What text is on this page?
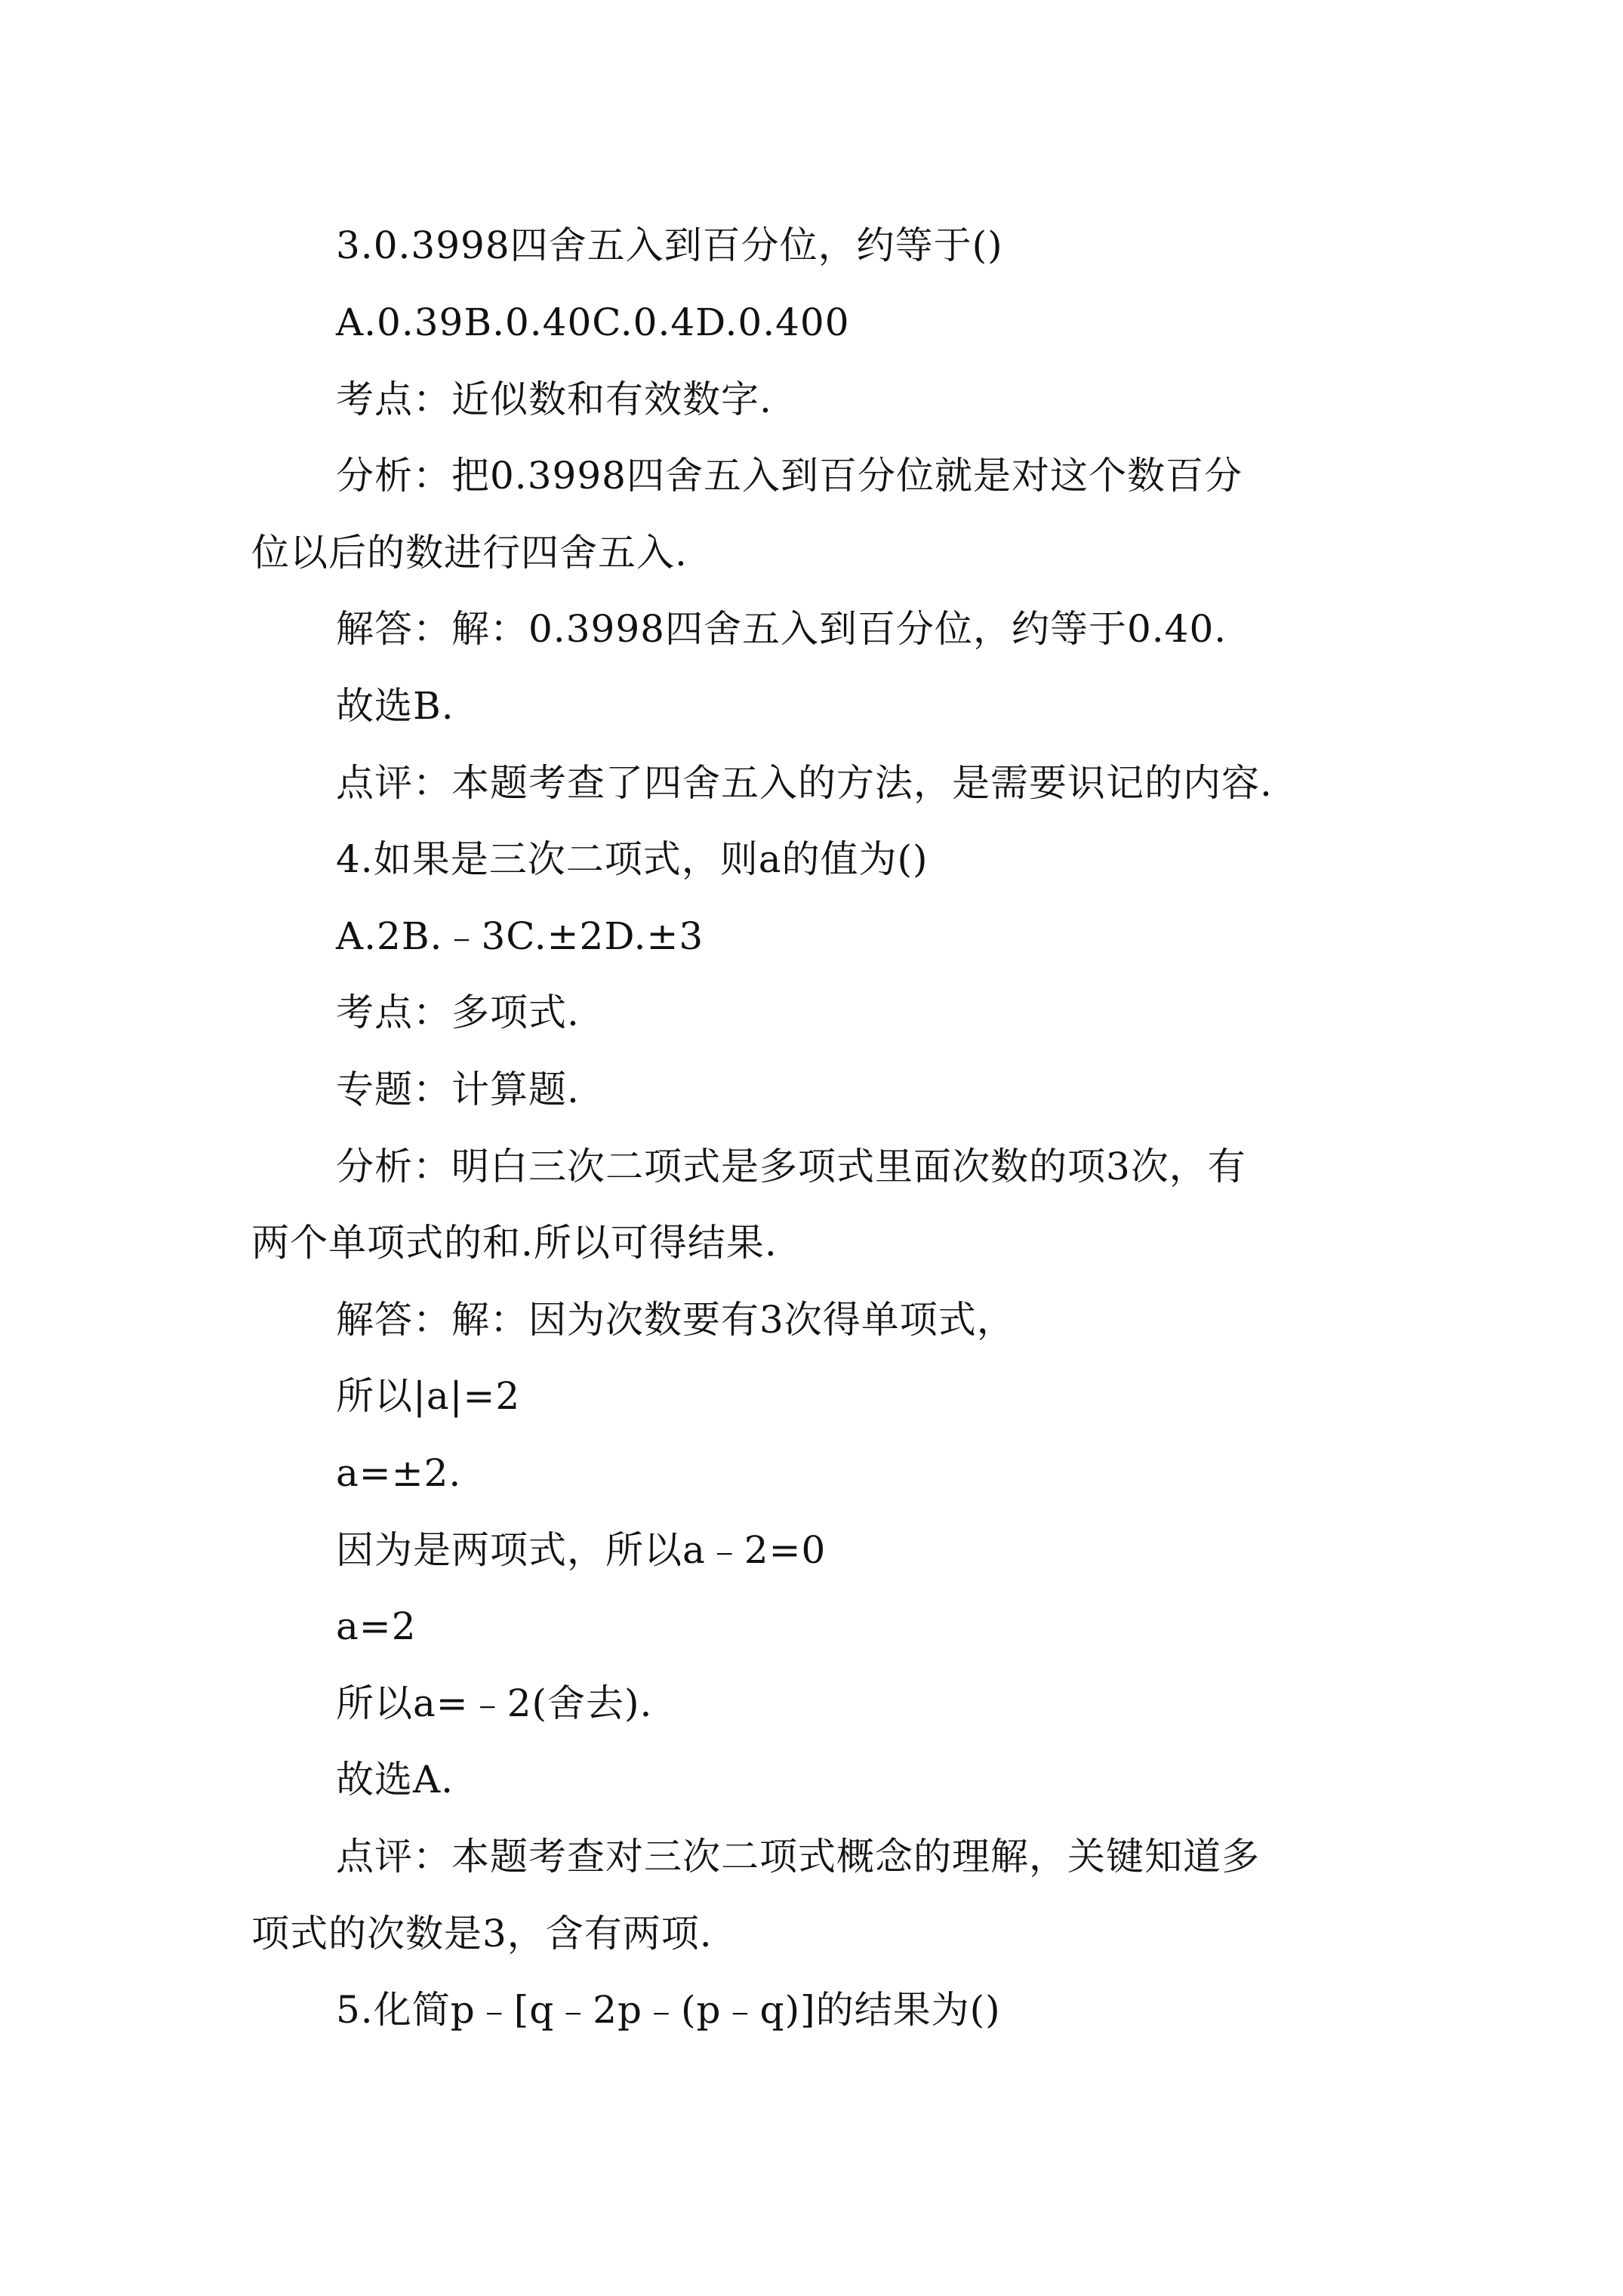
3.0.3998四舍五入到百分位，约等于()
A.0.39B.0.40C.0.4D.0.400
考点：近似数和有效数字.
分析：把0.3998四舍五入到百分位就是对这个数百分
位以后的数进行四舍五入.
解答：解：0.3998四舍五入到百分位，约等于0.40.
故选B.
点评：本题考查了四舍五入的方法，是需要识记的内容.
4.如果是三次二项式，则a的值为()
A.2B.﹣3C.±2D.±3
考点：多项式.
专题：计算题.
分析：明白三次二项式是多项式里面次数的项3次，有
两个单项式的和.所以可得结果.
解答：解：因为次数要有3次得单项式，
所以|a|=2
a=±2.
因为是两项式，所以a﹣2=0
a=2
所以a=﹣2(舍去).
故选A.
点评：本题考查对三次二项式概念的理解，关键知道多
项式的次数是3，含有两项.
5.化简p﹣[q﹣2p﹣(p﹣q)]的结果为()
